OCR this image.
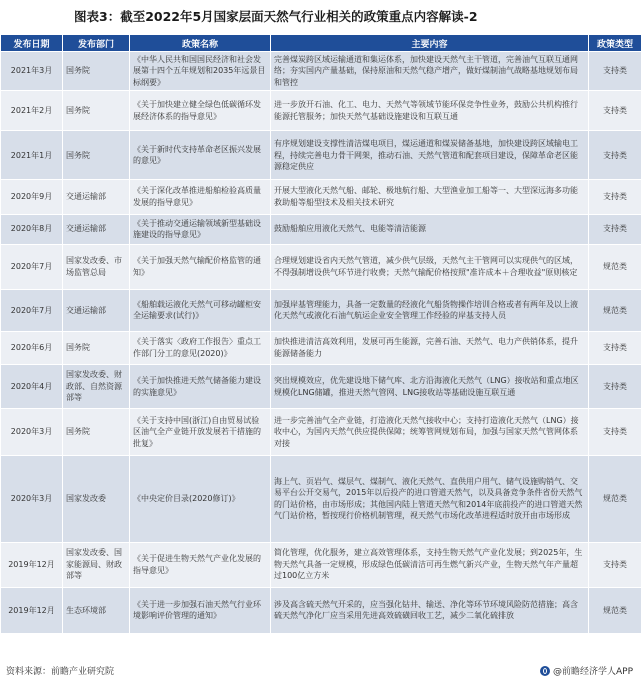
图表3：截至2022年5月国家层面天然气行业相关的政策重点内容解读-2
发布日期	发布部门	政策名称	主要内容	政策类型
2021年3月	国务院	《中华人民共和国国民经济和社会发展第十四个五年规划和2035年远景目标纲要》	完善煤炭跨区域运输通道和集运体系，加快建设天然气主干管道，完善油气互联互通网络；夯实国内产量基础，保持原油和天然气稳产增产，做好煤制油气战略基地规划布局和管控	支持类
2021年2月	国务院	《关于加快建立健全绿色低碳循环发展经济体系的指导意见》	进一步放开石油、化工、电力、天然气等领域节能环保竞争性业务，鼓励公共机构推行能源托管服务；加快天然气基础设施建设和互联互通	支持类
2021年1月	国务院	《关于新时代支持革命老区振兴发展的意见》	有序规划建设支撑性清洁煤电项目，煤运通道和煤炭储备基地，加快建设跨区域输电工程，持续完善电力骨干网架，推动石油、天然气管道和配套项目建设，保障革命老区能源稳定供应	支持类
2020年9月	交通运输部	《关于深化改革推进船舶检验高质量发展的指导意见》	开展大型液化天然气船、邮轮、极地航行船、大型渔业加工船等一、大型深远海多功能救助船等船型技术及相关技术研究	支持类
2020年8月	交通运输部	《关于推动交通运输领域新型基础设施建设的指导意见》	鼓励船舶应用液化天然气、电能等清洁能源	支持类
2020年7月	国家发改委、市场监管总局	《关于加强天然气输配价格监管的通知》	合理规划建设省内天然气管道，减少供气层级，天然气主干管网可以实现供气的区域，不得强制增设供气环节进行收费；天然气输配价格按照"准许成本＋合理收益"原则核定	规范类
2020年7月	交通运输部	《船舶载运液化天然气可移动罐柜安全运输要求(试行)》	加强岸基管理能力，具备一定数量的经液化气船货物操作培训合格或者有两年及以上液化天然气或液化石油气航运企业安全管理工作经验的岸基支持人员	规范类
2020年6月	国务院	《关于落实〈政府工作报告〉重点工作部门分工的意见(2020)》	加快推进清洁高效利用，发展可再生能源，完善石油、天然气、电力产供销体系，提升能源储备能力	支持类
2020年4月	国家发改委、财政部、自然资源部等	《关于加快推进天然气储备能力建设的实施意见》	突出规模效应，优先建设地下储气库、北方沿海液化天然气（LNG）接收站和重点地区规模化LNG储罐，推进天然气管网、LNG接收站等基础设施互联互通	支持类
2020年3月	国务院	《关于支持中国(浙江)自由贸易试验区油气全产业链开放发展若干措施的批复》	进一步完善油气全产业链，打造液化天然气接收中心；支持打造液化天然气（LNG）接收中心，为国内天然气供应提供保障；统筹管网规划布局，加强与国家天然气管网体系对接	支持类
2020年3月	国家发改委	《中央定价目录(2020修订)》	海上气、页岩气、煤层气、煤制气、液化天然气、直供用户用气、储气设施购销气、交易平台公开交易气，2015年以后投产的进口管道天然气，以及具备竞争条件省份天然气的门站价格，由市场形成；其他国内陆上管道天然气和2014年底前投产的进口管道天然气门站价格，暂按现行价格机制管理，视天然气市场化改革进程适时放开由市场形成	规范类
2019年12月	国家发改委、国家能源局、财政部等	《关于促进生物天然气产业化发展的指导意见》	简化管理，优化服务，建立高效管理体系，支持生物天然气产业化发展；到2025年，生物天然气具备一定规模，形成绿色低碳清洁可再生燃气新兴产业，生物天然气年产量超过100亿立方米	支持类
2019年12月	生态环境部	《关于进一步加强石油天然气行业环境影响评价管理的通知》	涉及高含硫天然气开采的，应当强化钻井、输送、净化等环节环境风险防范措施；高含硫天然气净化厂应当采用先进高效硫磺回收工艺，减少二氧化硫排放	规范类
资料来源：前瞻产业研究院	@前瞻经济学人APP
